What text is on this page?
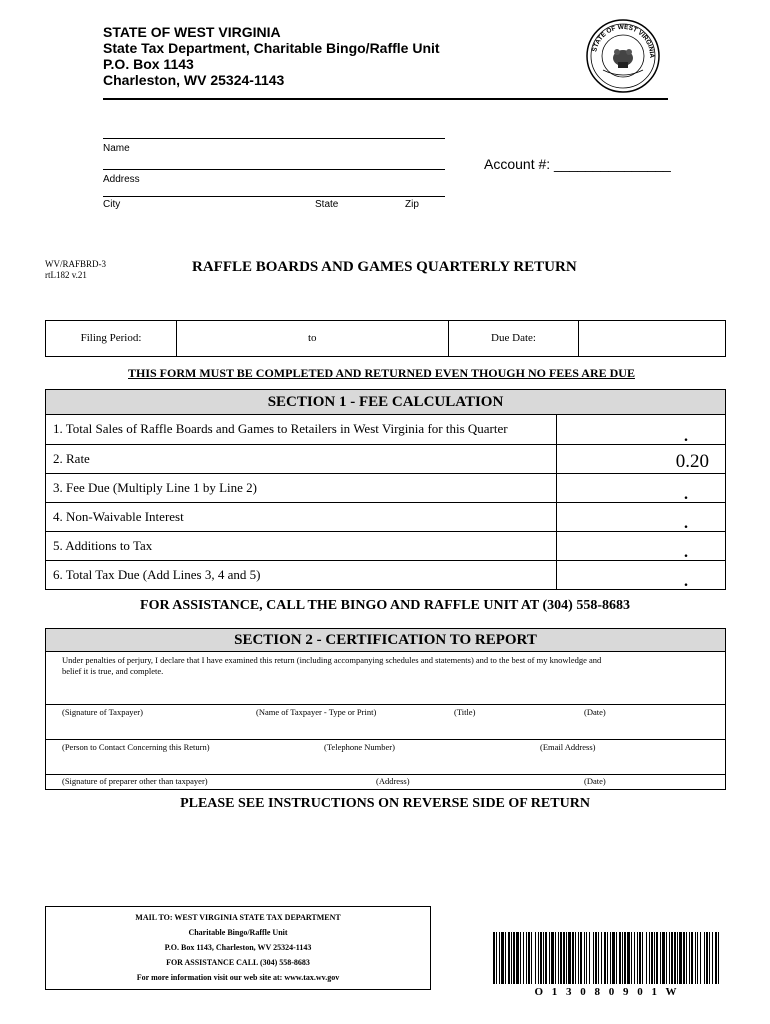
STATE OF WEST VIRGINIA
State Tax Department, Charitable Bingo/Raffle Unit
P.O. Box 1143
Charleston, WV 25324-1143
STATE OF WEST VIRGINIA
Name
Address
City	State	Zip
Account #: _______________
WV/RAFBRD-3
rtL182 v.21	RAFFLE BOARDS AND GAMES QUARTERLY RETURN
Filing Period:	to	Due Date:
THIS FORM MUST BE COMPLETED AND RETURNED EVEN THOUGH NO FEES ARE DUE
SECTION 1 - FEE CALCULATION
1. Total Sales of Raffle Boards and Games to Retailers in West Virginia for this Quarter	.
2. Rate	0.20
3. Fee Due (Multiply Line 1 by Line 2)	.
4. Non-Waivable Interest	.
5. Additions to Tax	.
6. Total Tax Due (Add Lines 3, 4 and 5)	.
FOR ASSISTANCE, CALL THE BINGO AND RAFFLE UNIT AT (304) 558-8683
SECTION 2 - CERTIFICATION TO REPORT
Under penalties of perjury, I declare that I have examined this return (including accompanying schedules and statements) and to the best of my knowledge and belief it is true, and complete.
(Signature of Taxpayer)	(Name of Taxpayer - Type or Print)	(Title)	(Date)
(Person to Contact Concerning this Return)	(Telephone Number)	(Email Address)
(Signature of preparer other than taxpayer)	(Address)	(Date)
PLEASE SEE INSTRUCTIONS ON REVERSE SIDE OF RETURN
MAIL TO: WEST VIRGINIA STATE TAX DEPARTMENT
Charitable Bingo/Raffle Unit
P.O. Box 1143, Charleston, WV 25324-1143
FOR ASSISTANCE CALL (304) 558-8683
For more information visit our web site at: www.tax.wv.gov
O 1 3 0 8 0 9 0 1 W
